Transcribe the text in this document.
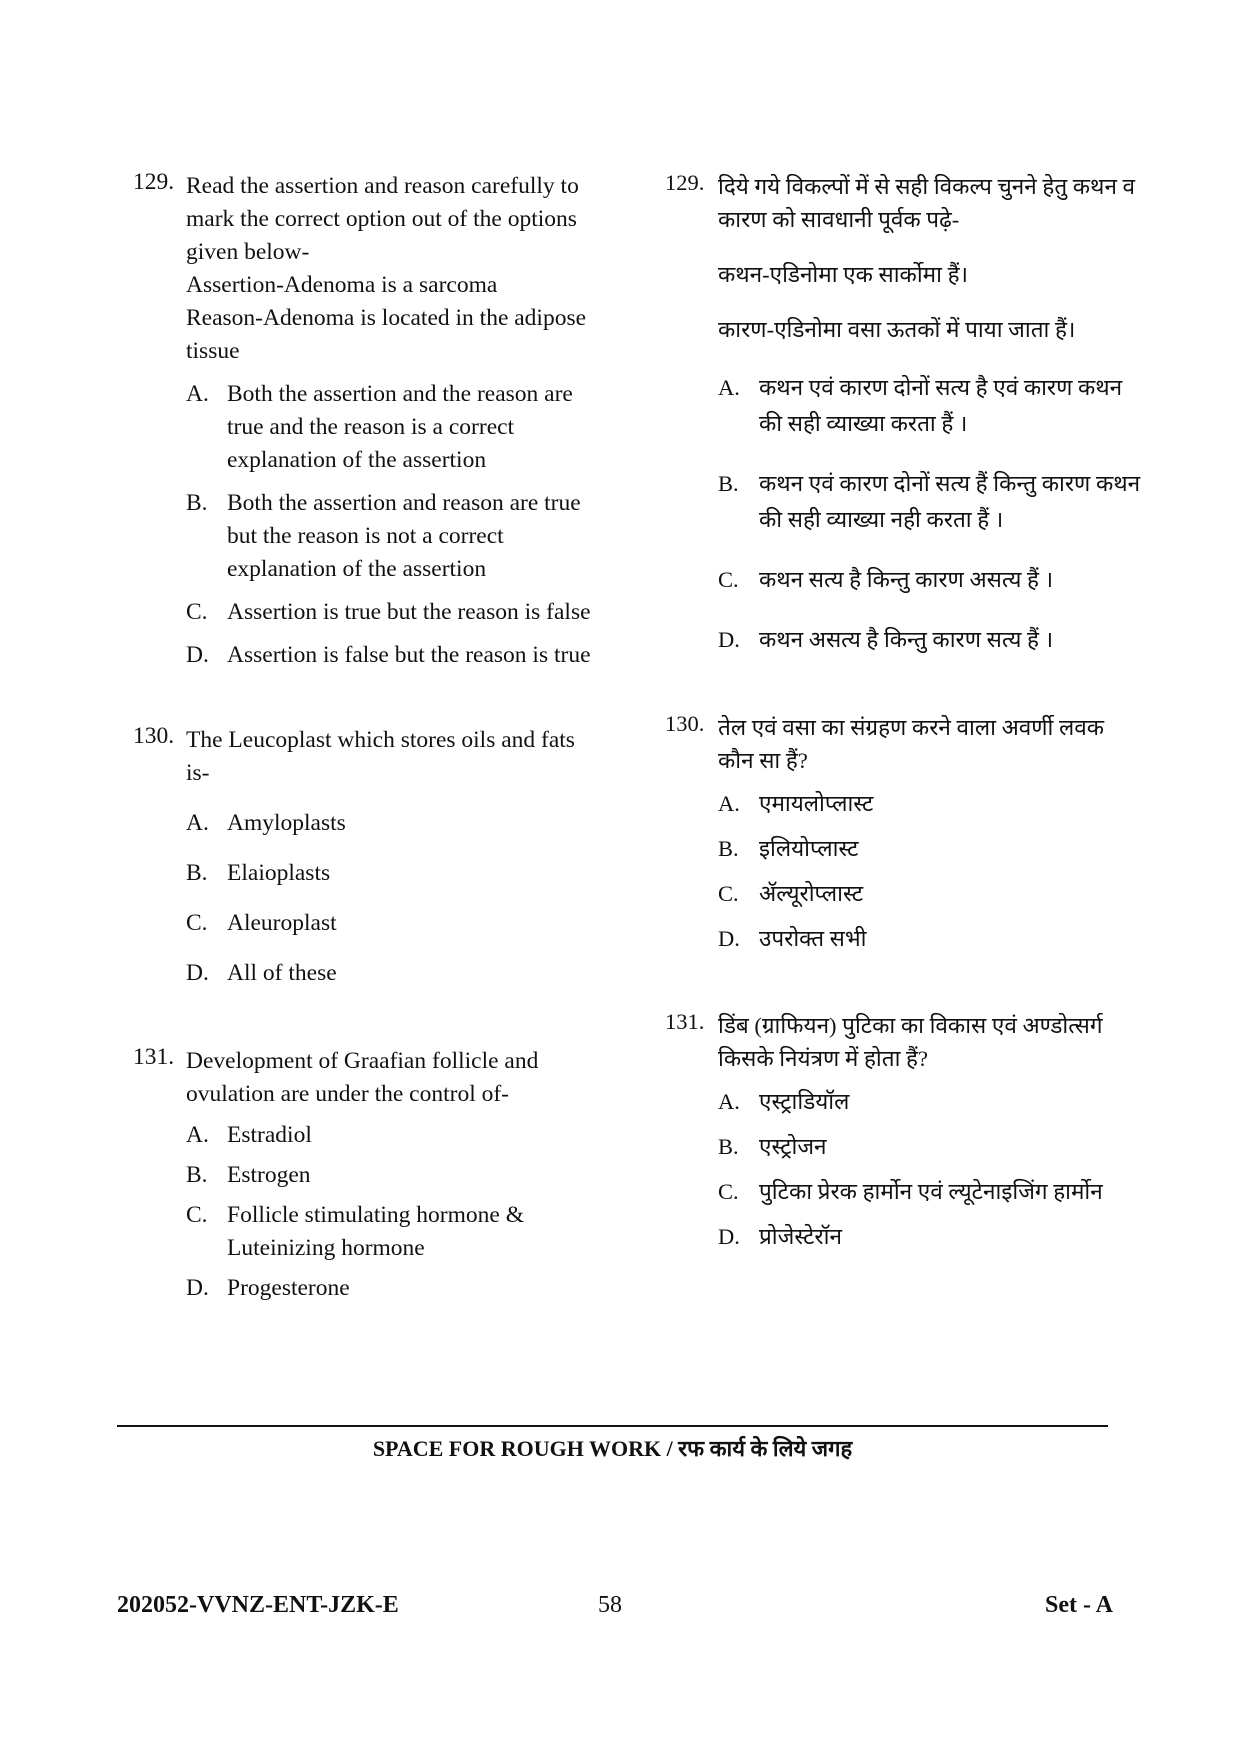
129. Read the assertion and reason carefully to mark the correct option out of the options given below-

Assertion-Adenoma is a sarcoma

Reason-Adenoma is located in the adipose tissue

A. Both the assertion and the reason are true and the reason is a correct explanation of the assertion
B. Both the assertion and reason are true but the reason is not a correct explanation of the assertion
C. Assertion is true but the reason is false
D. Assertion is false but the reason is true
130. The Leucoplast which stores oils and fats is-

A. Amyloplasts
B. Elaioplasts
C. Aleuroplast
D. All of these
131. Development of Graafian follicle and ovulation are under the control of-

A. Estradiol
B. Estrogen
C. Follicle stimulating hormone & Luteinizing hormone
D. Progesterone
129. दिये गये विकल्पों में से सही विकल्प चुनने हेतु कथन व कारण को सावधानी पूर्वक पढ़े-

कथन-एडिनोमा एक सार्कोमा हैं।

कारण-एडिनोमा वसा ऊतकों में पाया जाता हैं।

A. कथन एवं कारण दोनों सत्य है एवं कारण कथन की सही व्याख्या करता हैं ।
B. कथन एवं कारण दोनों सत्य हैं किन्तु कारण कथन की सही व्याख्या नही करता हैं ।
C. कथन सत्य है किन्तु कारण असत्य हैं ।
D. कथन असत्य है किन्तु कारण सत्य हैं ।
130. तेल एवं वसा का संग्रहण करने वाला अवर्णी लवक कौन सा हैं?

A. एमायलोप्लास्ट
B. इलियोप्लास्ट
C. ॲल्यूरोप्लास्ट
D. उपरोक्त सभी
131. डिंब (ग्राफियन) पुटिका का विकास एवं अण्डोत्सर्ग किसके नियंत्रण में होता हैं?

A. एस्ट्राडियॉल
B. एस्ट्रोजन
C. पुटिका प्रेरक हार्मोन एवं ल्यूटेनाइजिंग हार्मोन
D. प्रोजेस्टेरॉन
SPACE FOR ROUGH WORK / रफ कार्य के लिये जगह
202052-VVNZ-ENT-JZK-E	58	Set - A
